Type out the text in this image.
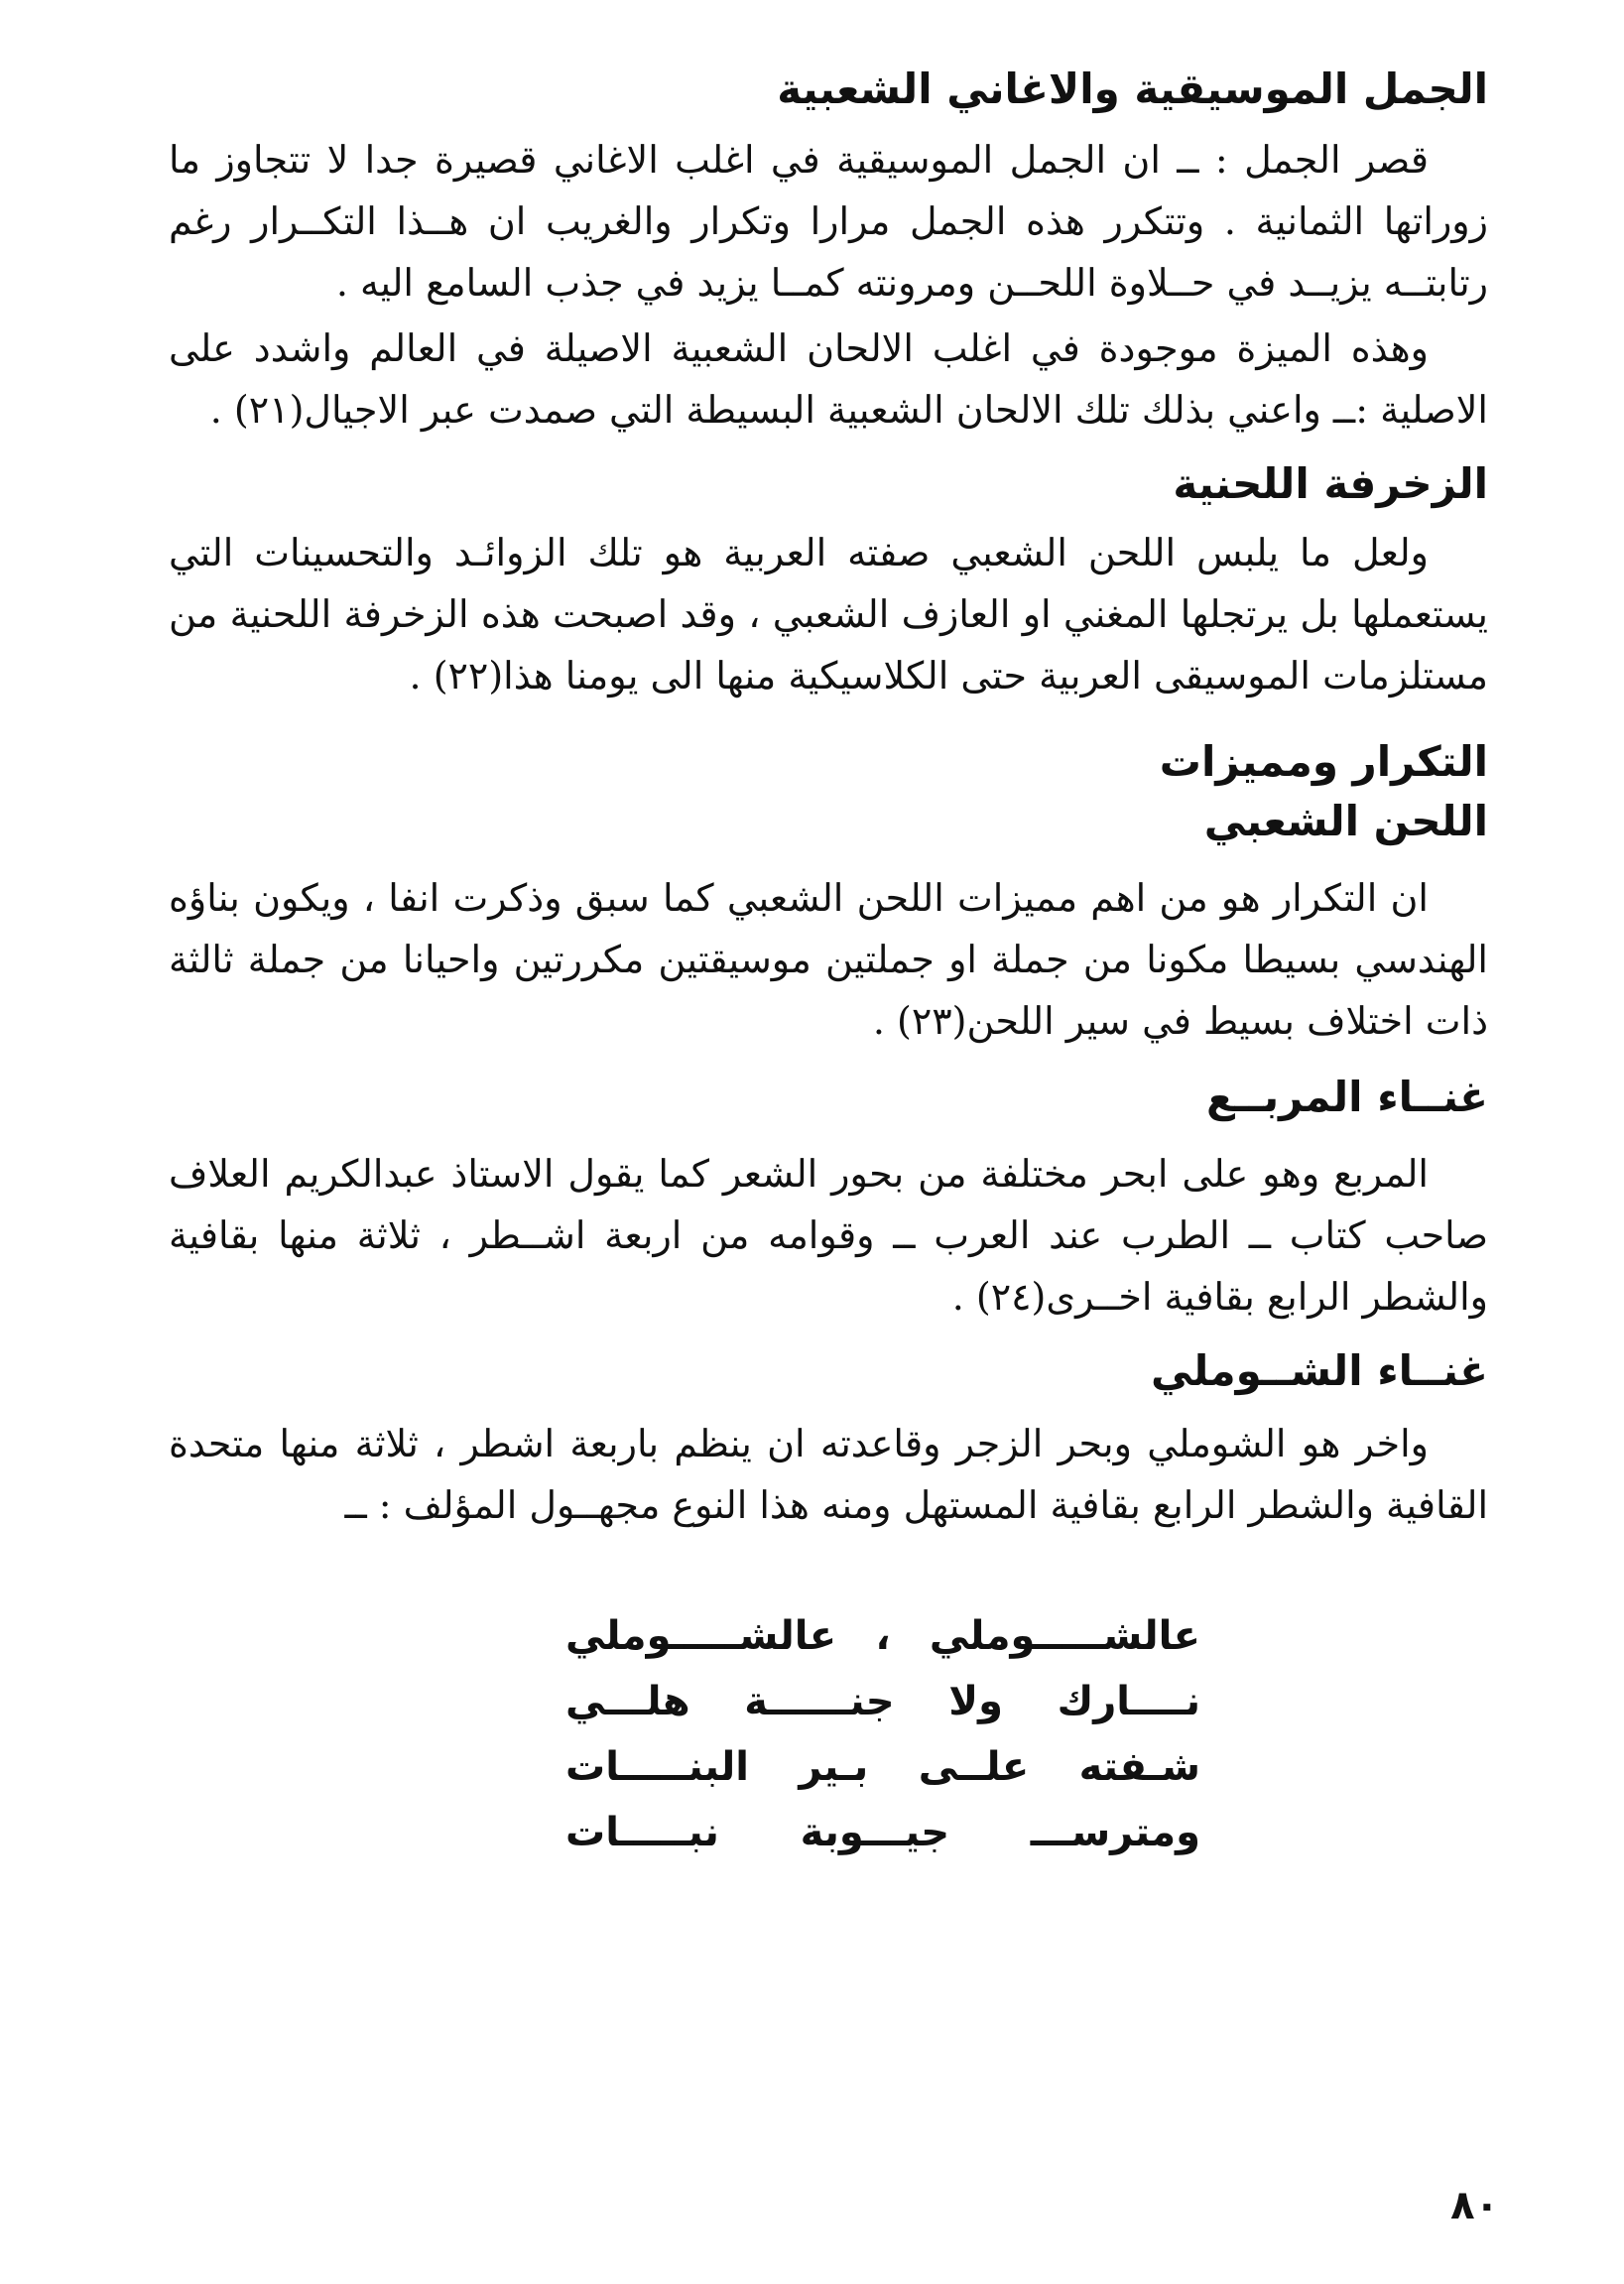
الجمل الموسيقية والاغاني الشعبية

قصر الجمل : ــ ان الجمل الموسيقية في اغلب الاغاني قصيرة جدا لا تتجاوز ما زوراتها الثمانية . وتتكرر هذه الجمل مرارا وتكرار والغريب ان هــذا التكــرار رغم رتابتــه يزيــد في حــلاوة اللحــن ومرونته كمــا يزيد في جذب السامع اليه .

وهذه الميزة موجودة في اغلب الالحان الشعبية الاصيلة في العالم واشدد على الاصلية :ــ واعني بذلك تلك الالحان الشعبية البسيطة التي صمدت عبر الاجيال(٢١) .

الزخرفة اللحنية

ولعل ما يلبس اللحن الشعبي صفته العربية هو تلك الزوائـد والتحسينات التي يستعملها بل يرتجلها المغني او العازف الشعبي ، وقد اصبحت هذه الزخرفة اللحنية من مستلزمات الموسيقى العربية حتى الكلاسيكية منها الى يومنا هذا(٢٢) .

التكرار ومميزات
اللحن الشعبي

ان التكرار هو من اهم مميزات اللحن الشعبي كما سبق وذكرت انفا ، ويكون بناؤه الهندسي بسيطا مكونا من جملة او جملتين موسيقتين مكررتين واحيانا من جملة ثالثة ذات اختلاف بسيط في سير اللحن(٢٣) .

غنــاء المربــع

المربع وهو على ابحر مختلفة من بحور الشعر كما يقول الاستاذ عبدالكريم العلاف صاحب كتاب ــ الطرب عند العرب ــ وقوامه من اربعة اشــطر ، ثلاثة منها بقافية والشطر الرابع بقافية اخــرى(٢٤) .

غنــاء الشــوملي

واخر هو الشوملي وبحر الزجر وقاعدته ان ينظم باربعة اشطر ، ثلاثة منها متحدة القافية والشطر الرابع بقافية المستهل ومنه هذا النوع مجهــول المؤلف : ــ

عالشـــــوملي ، عالشـــــوملي

نــــارك ولا جنــــــة هلـــي

شـفته علــى بـير البنـــــات

ومترســـ جيـــوبة نبـــــات

٨٠
